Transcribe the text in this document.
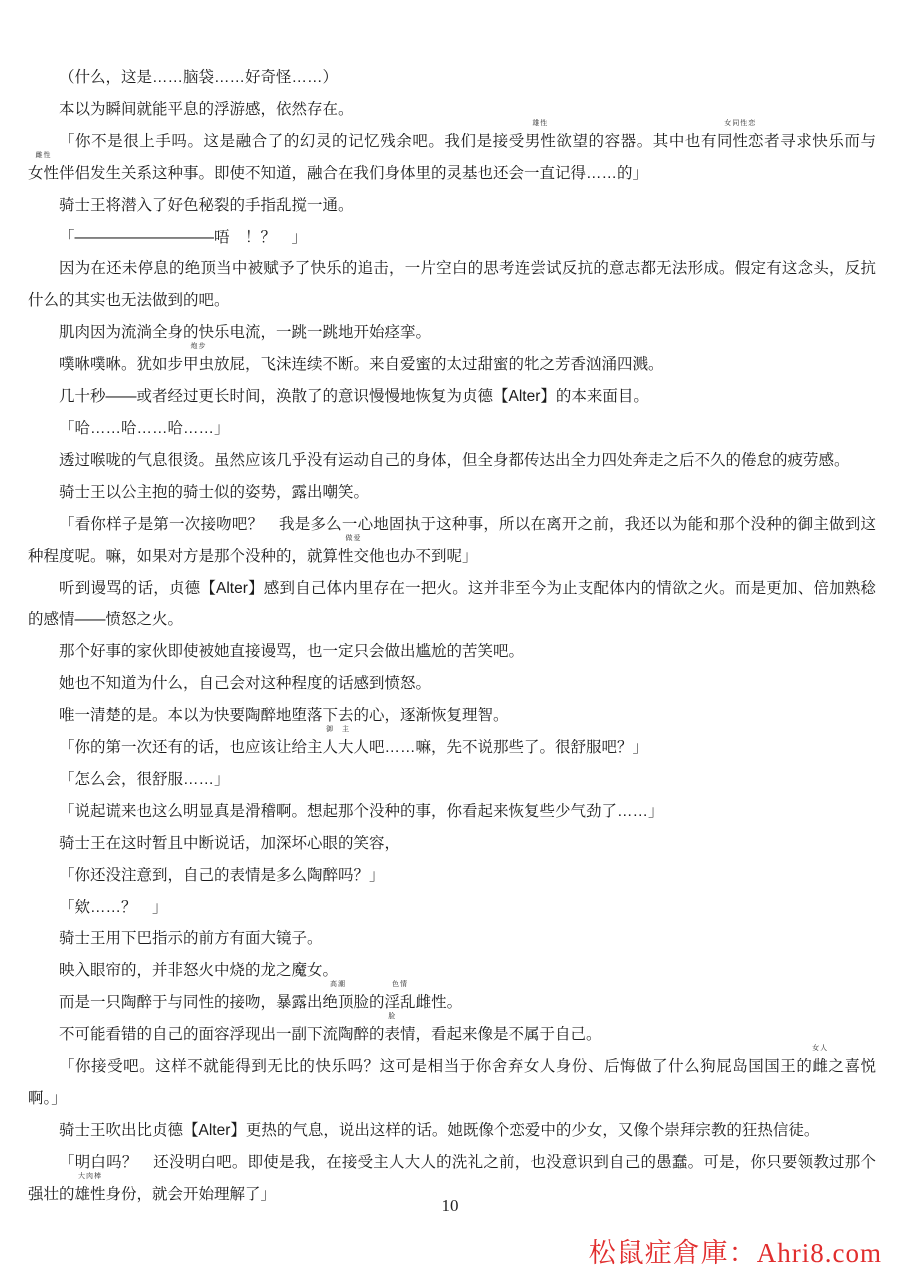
（什么，这是……脑袋……好奇怪……）

本以为瞬间就能平息的浮游感，依然存在。

「你不是很上手吗。这是融合了的幻灵的记忆残余吧。我们是接受男性
雄性
欲望的容器。其中也有同性恋
女同性恋
者寻求快乐而与女性
雌性
伴侣发生关系这种事。即使不知道，融合在我们身体里的灵基也还会一直记得……的」

骑士王将潜入了好色秘裂的手指乱搅一通。

「—————————唔　！？　」

因为在还未停息的绝顶当中被赋予了快乐的追击，一片空白的思考连尝试反抗的意志都无法形成。假定有这念头，反抗什么的其实也无法做到的吧。

肌肉因为流淌全身的快乐电流，一跳一跳地开始痉挛。

噗咻噗咻。犹如步甲虫
炮步
放屁，飞沫连续不断。来自爱蜜的太过甜蜜的牝之芳香汹涌四溅。

几十秒——或者经过更长时间，涣散了的意识慢慢地恢复为贞德【Alter】的本来面目。

「哈……哈……哈……」

透过喉咙的气息很烫。虽然应该几乎没有运动自己的身体，但全身都传达出全力四处奔走之后不久的倦怠的疲劳感。

骑士王以公主抱的骑士似的姿势，露出嘲笑。

「看你样子是第一次接吻吧？　我是多么一心地固执于这种事，所以在离开之前，我还以为能和那个没种的御主做到这种程度呢。嘛，如果对方是那个没种的，就算性交
做爱
他也办不到呢」

听到谩骂的话，贞德【Alter】感到自己体内里存在一把火。这并非至今为止支配体内的情欲之火。而是更加、倍加熟稔的感情——愤怒之火。

那个好事的家伙即使被她直接谩骂，也一定只会做出尴尬的苦笑吧。

她也不知道为什么，自己会对这种程度的话感到愤怒。

唯一清楚的是。本以为快要陶醉地堕落下去的心，逐渐恢复理智。

「你的第一次还有的话，也应该让给主人大人
御　主
吧……嘛，先不说那些了。很舒服吧？」

「怎么会，很舒服……」

「说起谎来也这么明显真是滑稽啊。想起那个没种的事，你看起来恢复些少气劲了……」

骑士王在这时暂且中断说话，加深坏心眼的笑容，

「你还没注意到，自己的表情是多么陶醉吗？」

「欸……？　」

骑士王用下巴指示的前方有面大镜子。

映入眼帘的，并非怒火中烧的龙之魔女。

而是一只陶醉于与同性的接吻，暴露出绝顶
高潮
脸的淫乱
色情
雌性。

不可能看错的自己的面容浮现出一副下流陶醉的表
脸
情，看起来像是不属于自己。

「你接受吧。这样不就能得到无比的快乐吗？这可是相当于你舍弃女人身份、后悔做了什么狗屁岛国国王的雌
女人
之喜悦啊。」

骑士王吹出比贞德【Alter】更热的气息，说出这样的话。她既像个恋爱中的少女，又像个崇拜宗教的狂热信徒。

「明白吗？　还没明白吧。即使是我，在接受主人大人的洗礼之前，也没意识到自己的愚蠢。可是，你只要领教过那个强壮的雄性
大肉棒
身份，就会开始理解了」

10
松鼠症倉庫：Ahri8.com
